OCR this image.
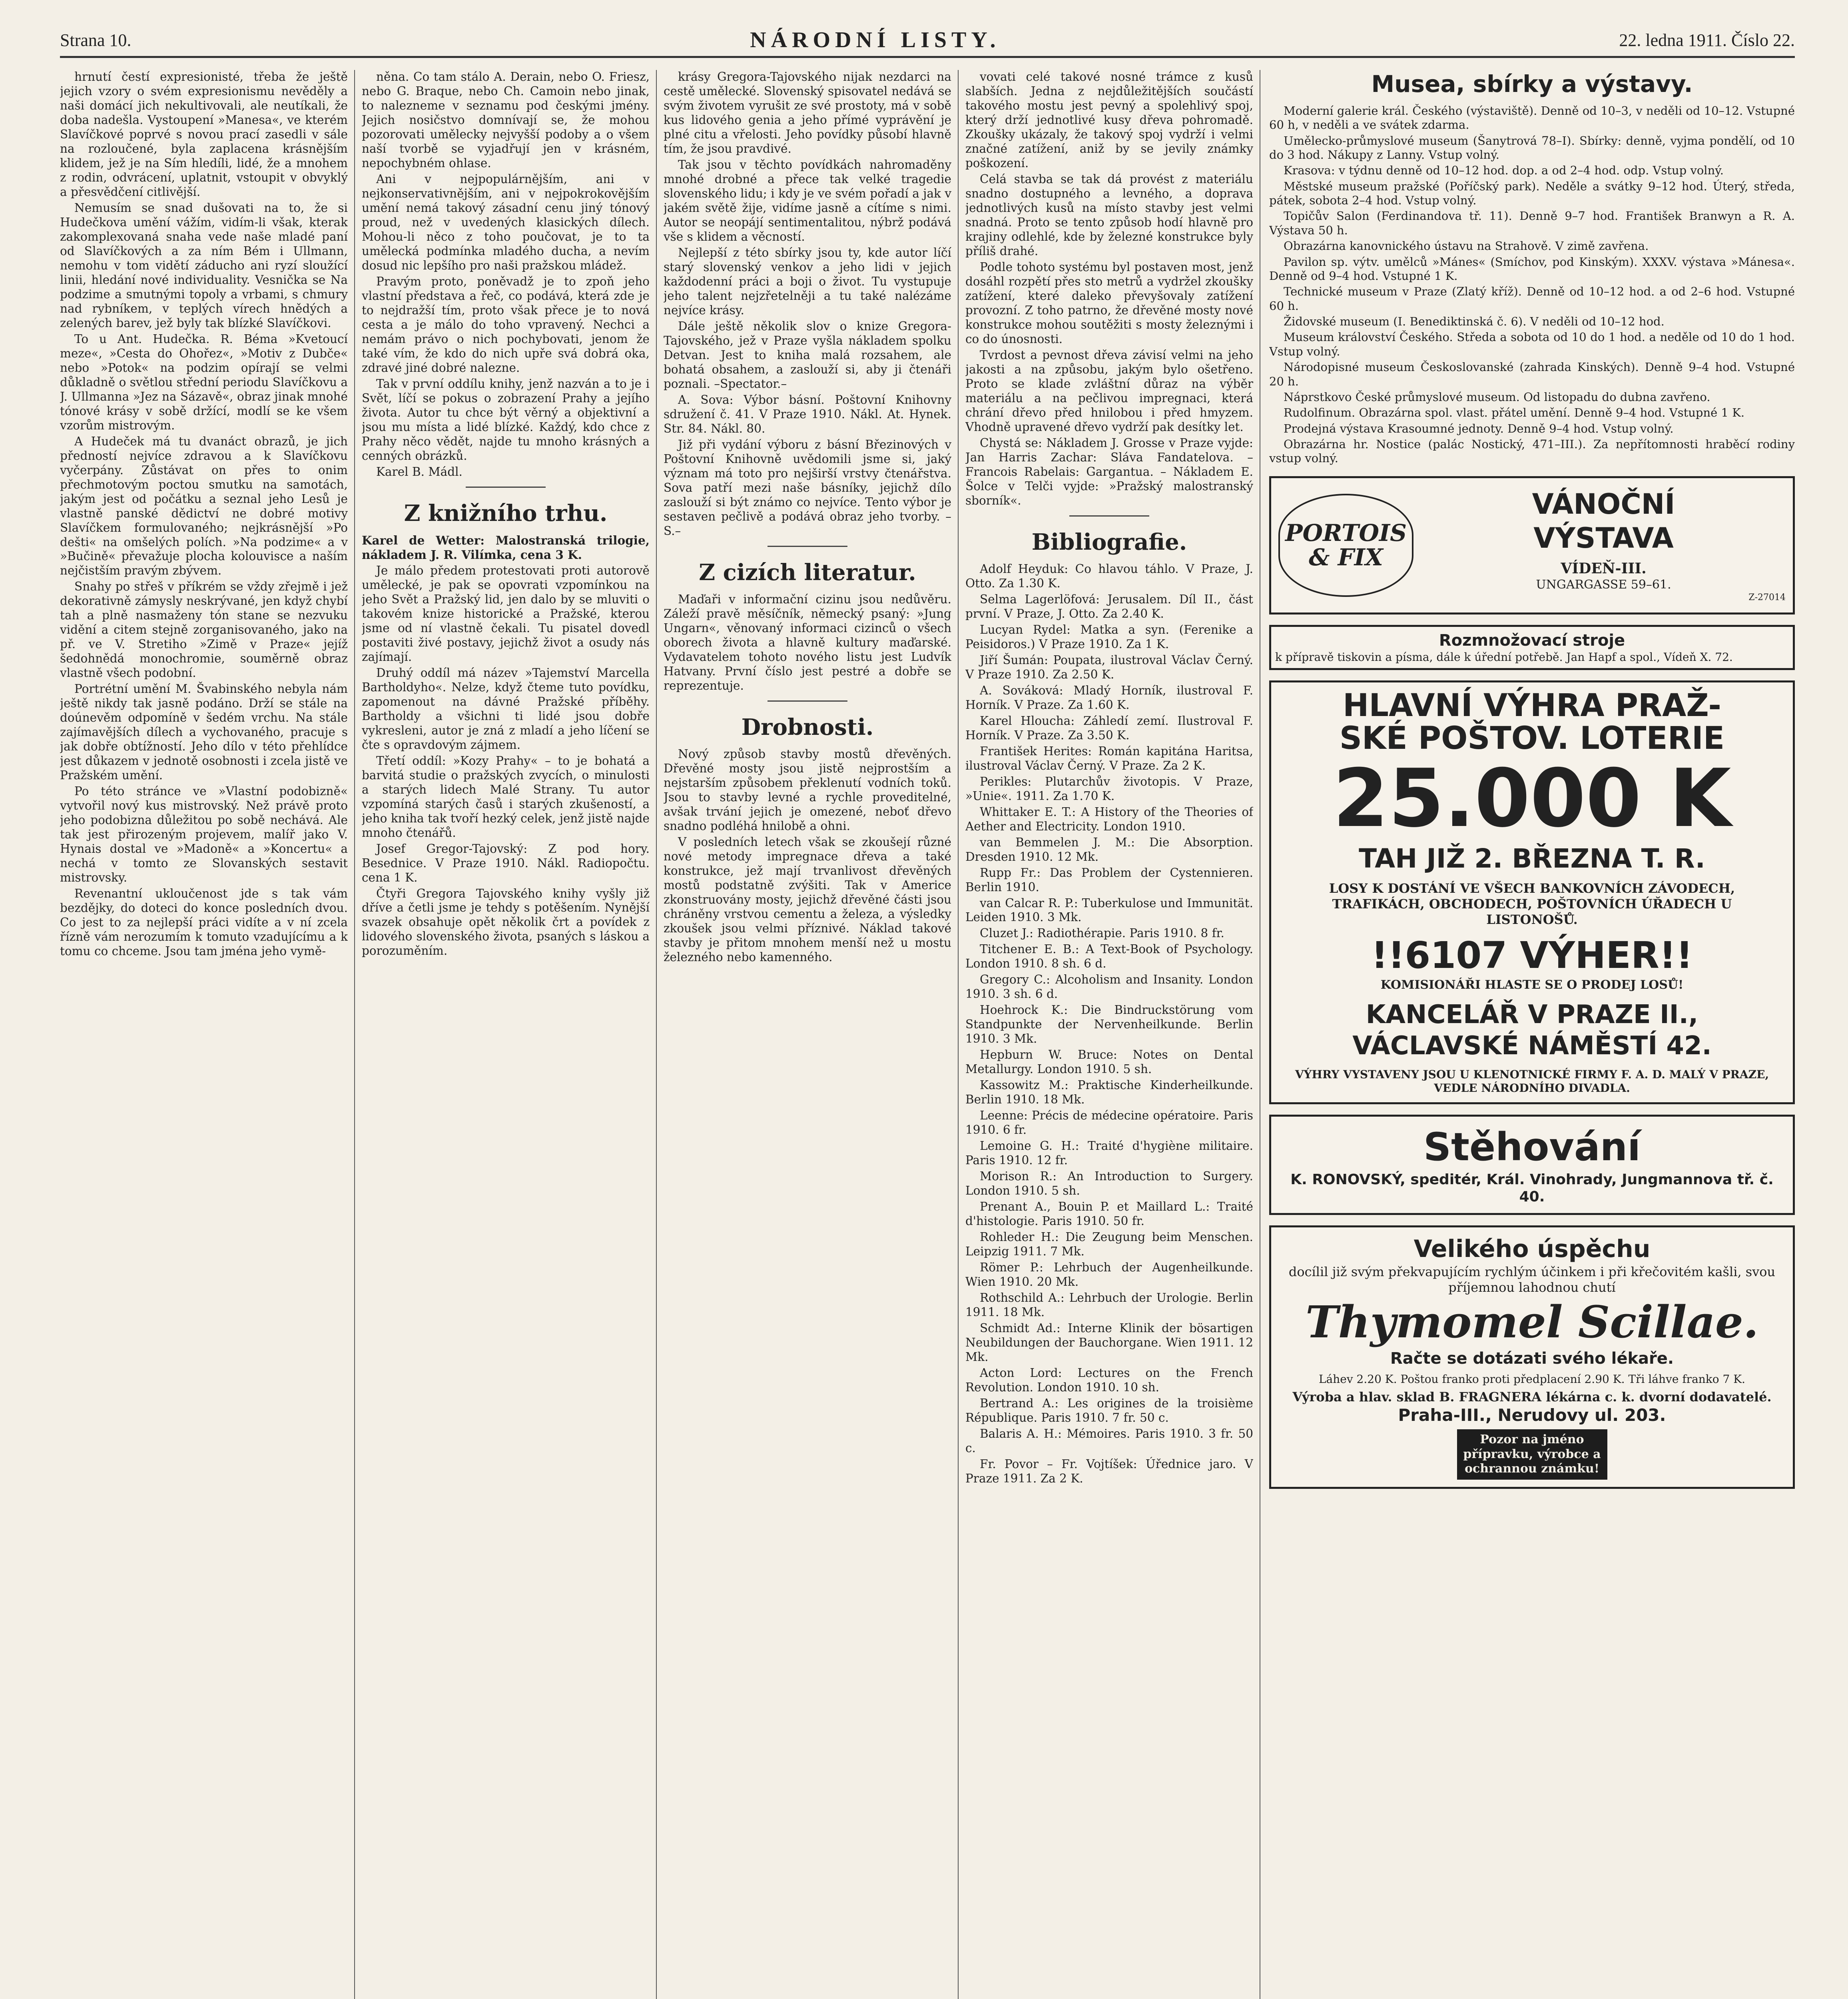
Strana 10.	NÁRODNÍ LISTY.	22. ledna 1911. Číslo 22.

hrnutí čestí expresionisté, třeba že ještě jejich vzory o svém expresionismu nevěděly a naši domácí jich nekultivovali, ale neutíkali, že doba nadešla. Vystoupení »Manesa«, ve kterém Slavíčkové poprvé s novou prací zasedli v sále na rozloučené, byla zaplacena krásnějším klidem, jež je na Sím hledíli, lidé, že a mnohem z rodin, odvrácení, uplatnit, vstoupit v obvyklý a přesvědčení citlivější.

Nemusím se snad dušovati na to, že si Hudečkova umění vážím, vidím-li však, kterak zakomplexovaná snaha vede naše mladé paní od Slavíčkových a za ním Bém i Ullmann, nemohu v tom vidětí záducho ani ryzí sloužící linii, hledání nové individuality. Vesnička se Na podzime a smutnými topoly a vrbami, s chmury nad rybníkem, v teplých vírech hnědých a zelených barev, jež byly tak blízké Slavíčkovi.

To u Ant. Hudečka. R. Béma »Kvetoucí meze«, »Cesta do Ohořez«, »Motiv z Dubče« nebo »Potok« na podzim opírají se velmi důkladně o světlou střední periodu Slavíčkovu a J. Ullmanna »Jez na Sázavě«, obraz jinak mnohé tónové krásy v sobě držící, modlí se ke všem vzorům mistrovým.

A Hudeček má tu dvanáct obrazů, je jich předností nejvíce zdravou a k Slavíčkovu vyčerpány. Zůstávat on přes to onim přechmotovým poctou smutku na samotách, jakým jest od počátku a seznal jeho Lesů je vlastně panské dědictví ne dobré motivy Slavíčkem formulovaného; nejkrásnější »Po dešti« na omšelých polích. »Na podzime« a v »Bučině« převažuje plocha kolouvisce a naším nejčistším pravým zbývem.

Snahy po střeš v příkrém se vždy zřejmě i jež dekorativně zámysly neskrývané, jen když chybí tah a plně nasmaženy tón stane se nezvuku vidění a citem stejně zorganisovaného, jako na př. ve V. Stretiho »Zimě v Praze« jejíž šedohnědá monochromie, souměrně obraz vlastně všech podobní.

Portrétní umění M. Švabinského nebyla nám ještě nikdy tak jasně podáno. Drží se stále na doúnevěm odpomíně v šedém vrchu. Na stále zajímavějších dílech a vychovaného, pracuje s jak dobře obtížností. Jeho dílo v této přehlídce jest důkazem v jednotě osobnosti i zcela jistě ve Pražském umění.

Po této stránce ve »Vlastní podobizně« vytvořil nový kus mistrovský. Než právě proto jeho podobizna důležitou po sobě nechává. Ale tak jest přirozeným projevem, malíř jako V. Hynais dostal ve »Madoně« a »Koncertu« a nechá v tomto ze Slovanských sestavit mistrovsky.

Revenantní ukloučenost jde s tak vám bezdějky, do doteci do konce posledních dvou. Co jest to za nejlepší práci vidíte a v ní zcela řízně vám nerozumím k tomuto vzadujícímu a k tomu co chceme. Jsou tam jména jeho vymě-

něna. Co tam stálo A. Derain, nebo O. Friesz, nebo G. Braque, nebo Ch. Camoin nebo jinak, to nalezneme v seznamu pod českými jmény. Jejich nosičstvo domnívají se, že mohou pozorovati umělecky nejvyšší podoby a o všem naší tvorbě se vyjadřují jen v krásném, nepochybném ohlase.

Ani v nejpopulárnějším, ani v nejkonservativnějším, ani v nejpokrokovějším umění nemá takový zásadní cenu jiný tónový proud, než v uvedených klasických dílech. Mohou-li něco z toho poučovat, je to ta umělecká podmínka mladého ducha, a nevím dosud nic lepšího pro naši pražskou mládež.

Pravým proto, poněvadž je to zpoň jeho vlastní představa a řeč, co podává, která zde je to nejdražší tím, proto však přece je to nová cesta a je málo do toho vpravený. Nechci a nemám právo o nich pochybovati, jenom že také vím, že kdo do nich upře svá dobrá oka, zdravé jiné dobré nalezne.

Tak v první oddílu knihy, jenž nazván a to je i Svět, líčí se pokus o zobrazení Prahy a jejího života. Autor tu chce být věrný a objektivní a jsou mu místa a lidé blízké. Každý, kdo chce z Prahy něco vědět, najde tu mnoho krásných a cenných obrázků.

Karel B. Mádl.

Z knižního trhu.

Karel de Wetter: Malostranská trilogie, nákladem J. R. Vilímka, cena 3 K.

Je málo předem protestovati proti autorově umělecké, je pak se opovrati vzpomínkou na jeho Svět a Pražský lid, jen dalo by se mluviti o takovém knize historické a Pražské, kterou jsme od ní vlastně čekali. Tu pisatel dovedl postaviti živé postavy, jejichž život a osudy nás zajímají.

Druhý oddíl má název »Tajemství Marcella Bartholdyho«. Nelze, když čteme tuto povídku, zapomenout na dávné Pražské příběhy. Bartholdy a všichni ti lidé jsou dobře vykresleni, autor je zná z mladí a jeho líčení se čte s opravdovým zájmem.

Třetí oddíl: »Kozy Prahy« – to je bohatá a barvitá studie o pražských zvycích, o minulosti a starých lidech Malé Strany. Tu autor vzpomíná starých časů i starých zkušeností, a jeho kniha tak tvoří hezký celek, jenž jistě najde mnoho čtenářů.

Josef Gregor-Tajovský: Z pod hory. Besednice. V Praze 1910. Nákl. Radiopočtu. cena 1 K.

Čtyři Gregora Tajovského knihy vyšly již dříve a četli jsme je tehdy s potěšením. Nynější svazek obsahuje opět několik črt a povídek z lidového slovenského života, psaných s láskou a porozuměním.

krásy Gregora-Tajovského nijak nezdarci na cestě umělecké. Slovenský spisovatel nedává se svým životem vyrušit ze své prostoty, má v sobě kus lidového genia a jeho přímé vyprávění je plné citu a vřelosti. Jeho povídky působí hlavně tím, že jsou pravdivé.

Tak jsou v těchto povídkách nahromaděny mnohé drobné a přece tak velké tragedie slovenského lidu; i kdy je ve svém pořadí a jak v jakém světě žije, vidíme jasně a cítíme s nimi. Autor se neopájí sentimentalitou, nýbrž podává vše s klidem a věcností.

Nejlepší z této sbírky jsou ty, kde autor líčí starý slovenský venkov a jeho lidi v jejich každodenní práci a boji o život. Tu vystupuje jeho talent nejzřetelněji a tu také nalézáme nejvíce krásy.

Dále ještě několik slov o knize Gregora-Tajovského, jež v Praze vyšla nákladem spolku Detvan. Jest to kniha malá rozsahem, ale bohatá obsahem, a zaslouží si, aby ji čtenáři poznali. –Spectator.–

A. Sova: Výbor básní. Poštovní Knihovny sdružení č. 41. V Praze 1910. Nákl. At. Hynek. Str. 84. Nákl. 80.

Již při vydání výboru z básní Březinových v Poštovní Knihovně uvědomili jsme si, jaký význam má toto pro nejširší vrstvy čtenářstva. Sova patří mezi naše básníky, jejichž dílo zaslouží si být známo co nejvíce. Tento výbor je sestaven pečlivě a podává obraz jeho tvorby. –S.–

Z cizích literatur.

Maďaři v informační cizinu jsou nedůvěru. Záleží pravě měsíčník, německý psaný: »Jung Ungarn«, věnovaný informaci cizinců o všech oborech života a hlavně kultury maďarské. Vydavatelem tohoto nového listu jest Ludvík Hatvany. První číslo jest pestré a dobře se reprezentuje.

Drobnosti.

Nový způsob stavby mostů dřevěných. Dřevěné mosty jsou jistě nejprostším a nejstarším způsobem překlenutí vodních toků. Jsou to stavby levné a rychle proveditelné, avšak trvání jejich je omezené, neboť dřevo snadno podléhá hnilobě a ohni.

V posledních letech však se zkoušejí různé nové metody impregnace dřeva a také konstrukce, jež mají trvanlivost dřevěných mostů podstatně zvýšiti. Tak v Americe zkonstruovány mosty, jejichž dřevěné části jsou chráněny vrstvou cementu a železa, a výsledky zkoušek jsou velmi příznivé. Náklad takové stavby je přitom mnohem menší než u mostu železného nebo kamenného.

vovati celé takové nosné trámce z kusů slabších. Jedna z nejdůležitějších součástí takového mostu jest pevný a spolehlivý spoj, který drží jednotlivé kusy dřeva pohromadě. Zkoušky ukázaly, že takový spoj vydrží i velmi značné zatížení, aniž by se jevily známky poškození.

Celá stavba se tak dá provést z materiálu snadno dostupného a levného, a doprava jednotlivých kusů na místo stavby jest velmi snadná. Proto se tento způsob hodí hlavně pro krajiny odlehlé, kde by železné konstrukce byly příliš drahé.

Podle tohoto systému byl postaven most, jenž dosáhl rozpětí přes sto metrů a vydržel zkoušky zatížení, které daleko převyšovaly zatížení provozní. Z toho patrno, že dřevěné mosty nové konstrukce mohou soutěžiti s mosty železnými i co do únosnosti.

Tvrdost a pevnost dřeva závisí velmi na jeho jakosti a na způsobu, jakým bylo ošetřeno. Proto se klade zvláštní důraz na výběr materiálu a na pečlivou impregnaci, která chrání dřevo před hnilobou i před hmyzem. Vhodně upravené dřevo vydrží pak desítky let.

Chystá se: Nákladem J. Grosse v Praze vyjde: Jan Harris Zachar: Sláva Fandatelova. – Francois Rabelais: Gargantua. – Nákladem E. Šolce v Telči vyjde: »Pražský malostranský sborník«.

Bibliografie.

Adolf Heyduk: Co hlavou táhlo. V Praze, J. Otto. Za 1.30 K.

Selma Lagerlöfová: Jerusalem. Díl II., část první. V Praze, J. Otto. Za 2.40 K.

Lucyan Rydel: Matka a syn. (Ferenike a Peisidoros.) V Praze 1910. Za 1 K.

Jiří Šumán: Poupata, ilustroval Václav Černý. V Praze 1910. Za 2.50 K.

A. Sováková: Mladý Horník, ilustroval F. Horník. V Praze. Za 1.60 K.

Karel Hloucha: Záhledí zemí. Ilustroval F. Horník. V Praze. Za 3.50 K.

František Herites: Román kapitána Haritsa, ilustroval Václav Černý. V Praze. Za 2 K.

Perikles: Plutarchův životopis. V Praze, »Unie«. 1911. Za 1.70 K.

Whittaker E. T.: A History of the Theories of Aether and Electricity. London 1910.

van Bemmelen J. M.: Die Absorption. Dresden 1910. 12 Mk.

Rupp Fr.: Das Problem der Cystennieren. Berlin 1910.

van Calcar R. P.: Tuberkulose und Immunität. Leiden 1910. 3 Mk.

Cluzet J.: Radiothérapie. Paris 1910. 8 fr.

Titchener E. B.: A Text-Book of Psychology. London 1910. 8 sh. 6 d.

Gregory C.: Alcoholism and Insanity. London 1910. 3 sh. 6 d.

Hoehrock K.: Die Bindruckstörung vom Standpunkte der Nervenheilkunde. Berlin 1910. 3 Mk.

Hepburn W. Bruce: Notes on Dental Metallurgy. London 1910. 5 sh.

Kassowitz M.: Praktische Kinderheilkunde. Berlin 1910. 18 Mk.

Leenne: Précis de médecine opératoire. Paris 1910. 6 fr.

Lemoine G. H.: Traité d'hygiène militaire. Paris 1910. 12 fr.

Morison R.: An Introduction to Surgery. London 1910. 5 sh.

Prenant A., Bouin P. et Maillard L.: Traité d'histologie. Paris 1910. 50 fr.

Rohleder H.: Die Zeugung beim Menschen. Leipzig 1911. 7 Mk.

Römer P.: Lehrbuch der Augenheilkunde. Wien 1910. 20 Mk.

Rothschild A.: Lehrbuch der Urologie. Berlin 1911. 18 Mk.

Schmidt Ad.: Interne Klinik der bösartigen Neubildungen der Bauchorgane. Wien 1911. 12 Mk.

Acton Lord: Lectures on the French Revolution. London 1910. 10 sh.

Bertrand A.: Les origines de la troisième République. Paris 1910. 7 fr. 50 c.

Balaris A. H.: Mémoires. Paris 1910. 3 fr. 50 c.

Fr. Povor – Fr. Vojtíšek: Úřednice jaro. V Praze 1911. Za 2 K.

Musea, sbírky a výstavy.

Moderní galerie král. Českého (výstaviště). Denně od 10–3, v neděli od 10–12. Vstupné 60 h, v neděli a ve svátek zdarma.

Umělecko-průmyslové museum (Šanytrová 78–I). Sbírky: denně, vyjma pondělí, od 10 do 3 hod. Nákupy z Lanny. Vstup volný.

Krasova: v týdnu denně od 10–12 hod. dop. a od 2–4 hod. odp. Vstup volný.

Městské museum pražské (Poříčský park). Neděle a svátky 9–12 hod. Úterý, středa, pátek, sobota 2–4 hod. Vstup volný.

Topičův Salon (Ferdinandova tř. 11). Denně 9–7 hod. František Branwyn a R. A. Výstava 50 h.

Obrazárna kanovnického ústavu na Strahově. V zimě zavřena.

Pavilon sp. výtv. umělců »Mánes« (Smíchov, pod Kinským). XXXV. výstava »Mánesa«. Denně od 9–4 hod. Vstupné 1 K.

Technické museum v Praze (Zlatý kříž). Denně od 10–12 hod. a od 2–6 hod. Vstupné 60 h.

Židovské museum (I. Benediktinská č. 6). V neděli od 10–12 hod.

Museum království Českého. Středa a sobota od 10 do 1 hod. a neděle od 10 do 1 hod. Vstup volný.

Národopisné museum Českoslovanské (zahrada Kinských). Denně 9–4 hod. Vstupné 20 h.

Náprstkovo České průmyslové museum. Od listopadu do dubna zavřeno.

Rudolfinum. Obrazárna spol. vlast. přátel umění. Denně 9–4 hod. Vstupné 1 K.

Prodejná výstava Krasoumné jednoty. Denně 9–4 hod. Vstup volný.

Obrazárna hr. Nostice (palác Nostický, 471–III.). Za nepřítomnosti hraběcí rodiny vstup volný.

PORTOIS & FIX
VÁNOČNÍ
VÝSTAVA
VÍDEŇ-III.
UNGARGASSE 59–61.
Z-27014
Rozmnožovací stroje
k přípravě tiskovin a písma, dále k úřední potřebě. Jan Hapf a spol., Vídeň X. 72.
HLAVNÍ VÝHRA PRAŽ-
SKÉ POŠTOV. LOTERIE
25.000 K
TAH JIŽ 2. BŘEZNA T. R.
LOSY K DOSTÁNÍ VE VŠECH BANKOVNÍCH ZÁVODECH, TRAFIKÁCH, OBCHODECH, POŠTOVNÍCH ÚŘADECH U LISTONOŠŮ.
!!6107 VÝHER!!
KOMISIONÁŘI HLASTE SE O PRODEJ LOSŮ!
KANCELÁŘ V PRAZE II.,
VÁCLAVSKÉ NÁMĚSTÍ 42.
VÝHRY VYSTAVENY JSOU U KLENOTNICKÉ FIRMY F. A. D. MALÝ V PRAZE, VEDLE NÁRODNÍHO DIVADLA.
Stěhování
K. RONOVSKÝ, speditér, Král. Vinohrady, Jungmannova tř. č. 40.
Velikého úspěchu
docílil již svým překvapujícím rychlým účinkem i při křečovitém kašli, svou příjemnou lahodnou chutí
Thymomel Scillae.
Račte se dotázati svého lékaře.
Láhev 2.20 K. Poštou franko proti předplacení 2.90 K. Tři láhve franko 7 K.
Výroba a hlav. sklad B. FRAGNERA lékárna c. k. dvorní dodavatelé.
Praha-III., Nerudovy ul. 203.
Pozor na jméno přípravku, výrobce a ochrannou známku!
